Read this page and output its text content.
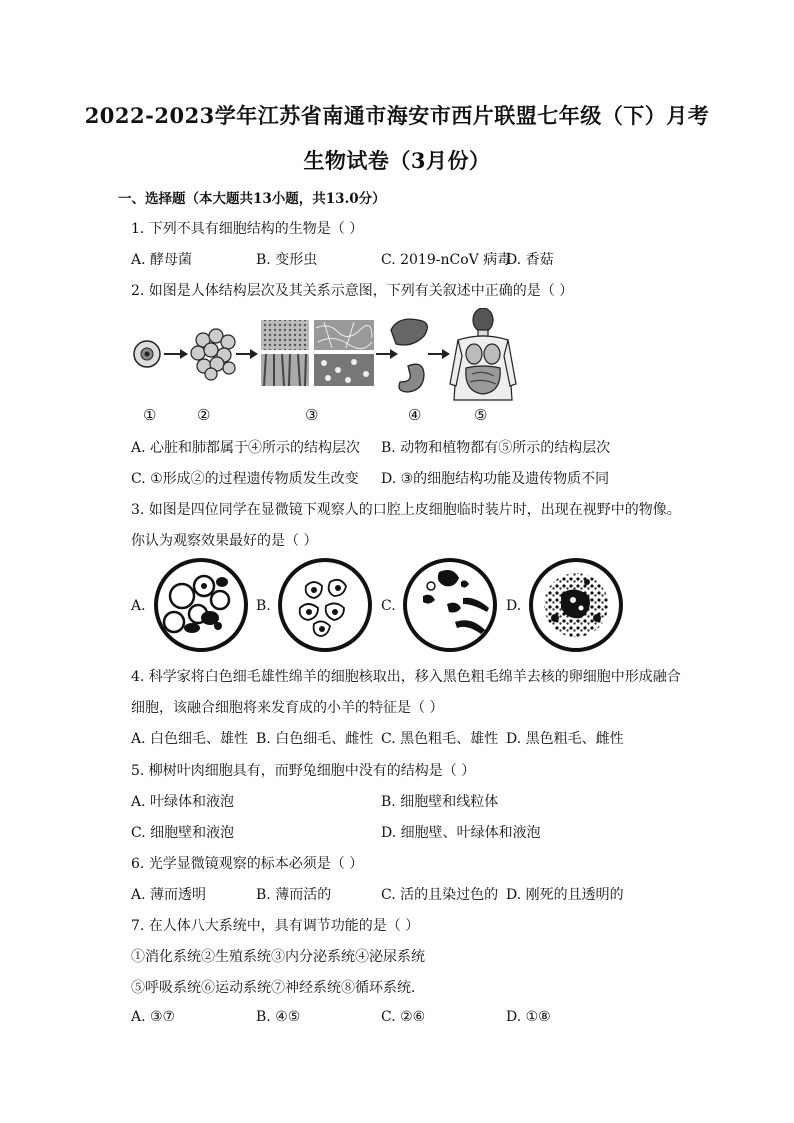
2022-2023学年江苏省南通市海安市西片联盟七年级（下）月考
生物试卷（3月份）
一、选择题（本大题共13小题，共13.0分）
1. 下列不具有细胞结构的生物是（ ）
A. 酵母菌	B. 变形虫	C. 2019-nCoV 病毒
D. 香菇
2. 如图是人体结构层次及其关系示意图，下列有关叙述中正确的是（ ）
①	②	③	④	⑤
A. 心脏和肺都属于④所示的结构层次 B. 动物和植物都有⑤所示的结构层次
C. ①形成②的过程遗传物质发生改变 D. ③的细胞结构功能及遗传物质不同
3. 如图是四位同学在显微镜下观察人的口腔上皮细胞临时装片时，出现在视野中的物像。
你认为观察效果最好的是（ ）
A.	B.	C.	D.
4. 科学家将白色细毛雄性绵羊的细胞核取出，移入黑色粗毛绵羊去核的卵细胞中形成融合
细胞，该融合细胞将来发育成的小羊的特征是（ ）
A. 白色细毛、雄性 B. 白色细毛、雌性 C. 黑色粗毛、雄性 D. 黑色粗毛、雌性
5. 柳树叶肉细胞具有，而野兔细胞中没有的结构是（ ）
A. 叶绿体和液泡	B. 细胞壁和线粒体
C. 细胞壁和液泡	D. 细胞壁、叶绿体和液泡
6. 光学显微镜观察的标本必须是（ ）
A. 薄而透明	B. 薄而活的	C. 活的且染过色的 D. 刚死的且透明的
7. 在人体八大系统中，具有调节功能的是（ ）
①消化系统②生殖系统③内分泌系统④泌尿系统
⑤呼吸系统⑥运动系统⑦神经系统⑧循环系统．
A. ③⑦	B. ④⑤	C. ②⑥	D. ①⑧
